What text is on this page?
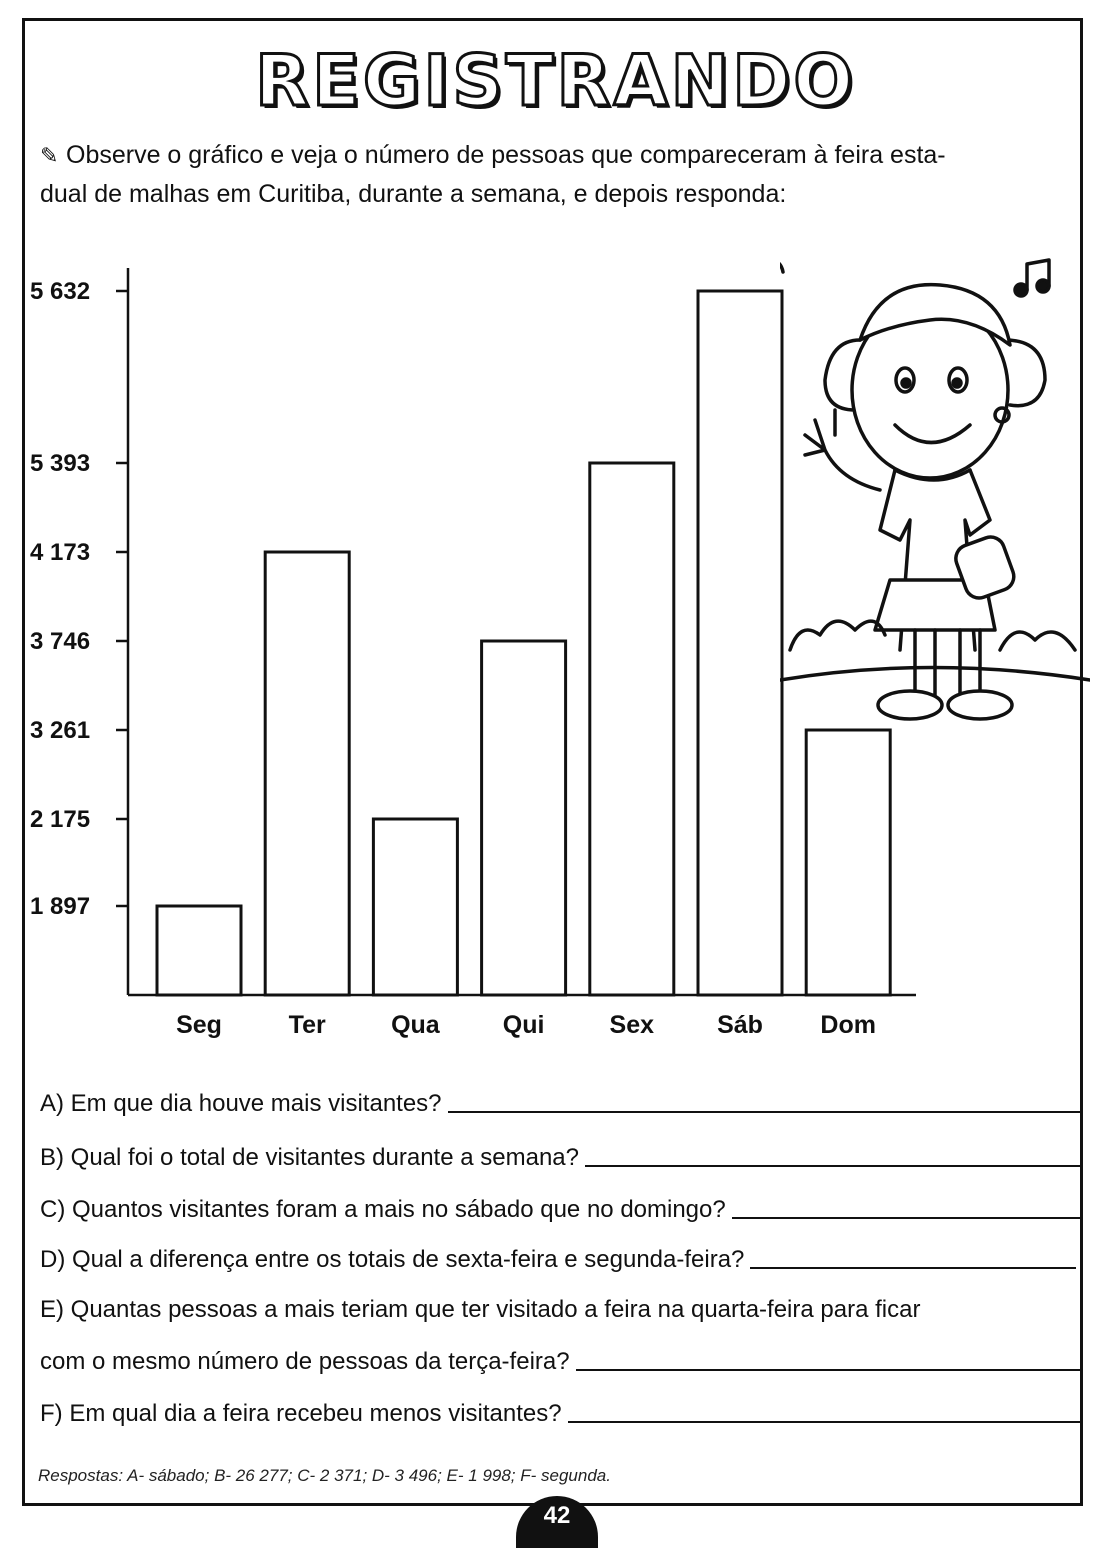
REGISTRANDO
✎ Observe o gráfico e veja o número de pessoas que compareceram à feira esta-
dual de malhas em Curitiba, durante a semana, e depois responda:
1 897
2 175
3 261
3 746
4 173
5 393
5 632
Seg	Ter	Qua	Qui	Sex	Sáb Dom
A) Em que dia houve mais visitantes?
B) Qual foi o total de visitantes durante a semana?
C) Quantos visitantes foram a mais no sábado que no domingo?
D) Qual a diferença entre os totais de sexta-feira e segunda-feira?
E) Quantas pessoas a mais teriam que ter visitado a feira na quarta-feira para ficar
com o mesmo número de pessoas da terça-feira?
F) Em qual dia a feira recebeu menos visitantes?
Respostas: A- sábado; B- 26 277; C- 2 371; D- 3 496; E- 1 998; F- segunda.
42
